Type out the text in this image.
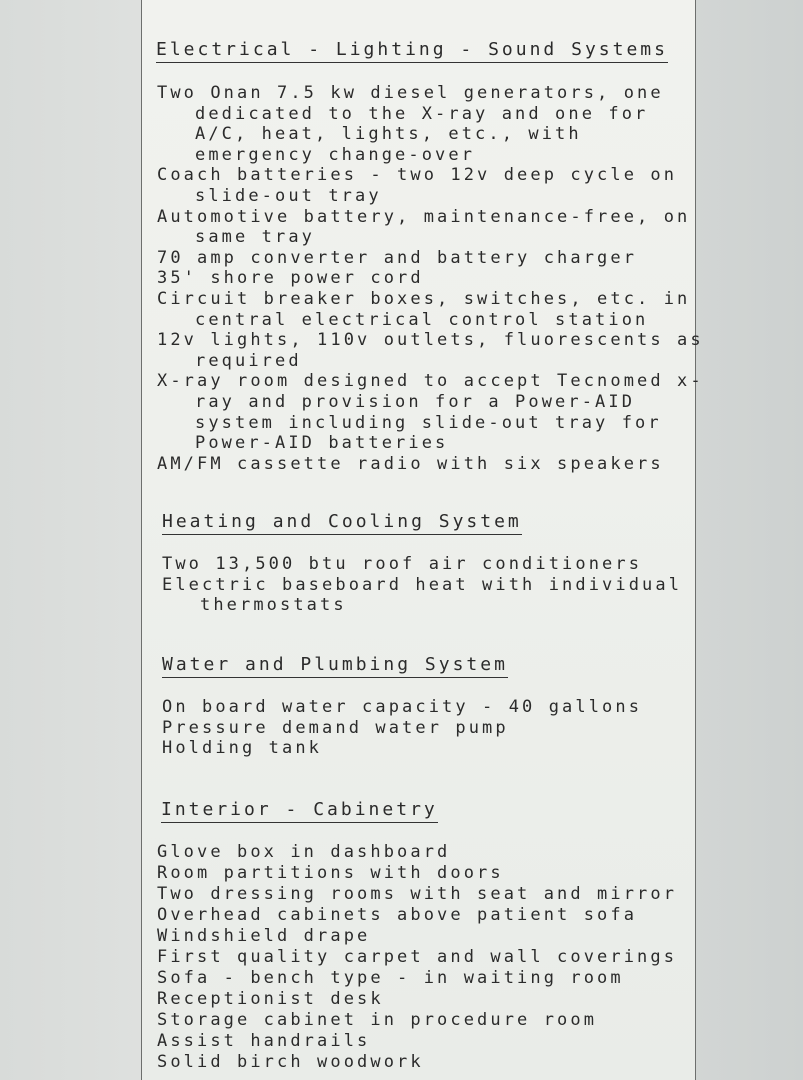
Electrical - Lighting - Sound Systems
Two Onan 7.5 kw diesel generators, one dedicated to the X-ray and one for A/C, heat, lights, etc., with emergency change-over
Coach batteries - two 12v deep cycle on slide-out tray
Automotive battery, maintenance-free, on same tray
70 amp converter and battery charger
35' shore power cord
Circuit breaker boxes, switches, etc. in central electrical control station
12v lights, 110v outlets, fluorescents as required
X-ray room designed to accept Tecnomed x-ray and provision for a Power-AID system including slide-out tray for Power-AID batteries
AM/FM cassette radio with six speakers
Heating and Cooling System
Two 13,500 btu roof air conditioners
Electric baseboard heat with individual thermostats
Water and Plumbing System
On board water capacity - 40 gallons
Pressure demand water pump
Holding tank
Interior - Cabinetry
Glove box in dashboard
Room partitions with doors
Two dressing rooms with seat and mirror
Overhead cabinets above patient sofa
Windshield drape
First quality carpet and wall coverings
Sofa - bench type - in waiting room
Receptionist desk
Storage cabinet in procedure room
Assist handrails
Solid birch woodwork
